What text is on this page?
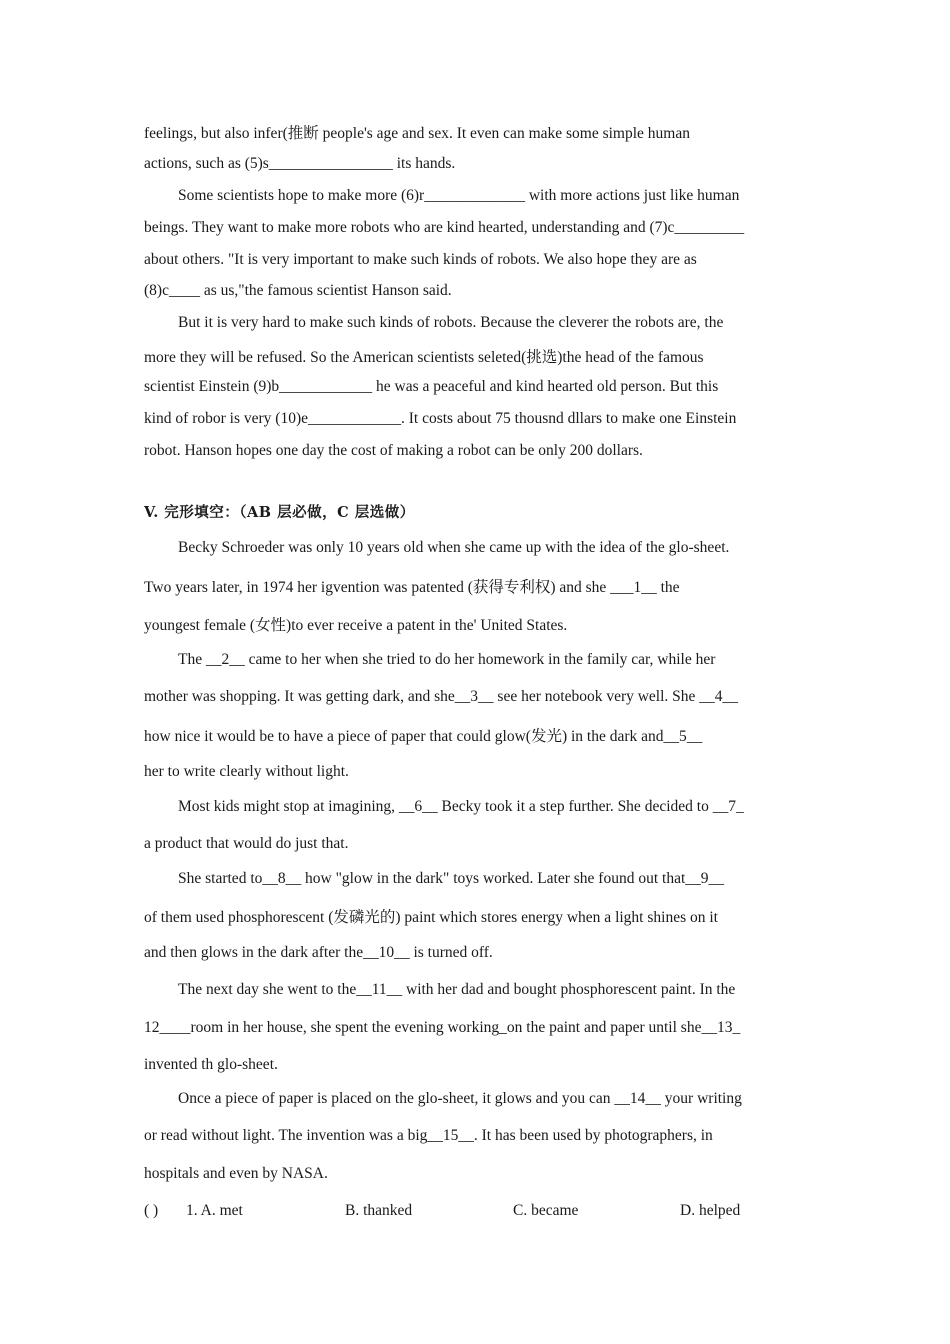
feelings, but also infer(推断 people's age and sex. It even can make some simple human
actions, such as (5)s________________ its hands.
Some scientists hope to make more (6)r_____________ with more actions just like human
beings. They want to make more robots who are kind hearted, understanding and (7)c_________
about others. "It is very important to make such kinds of robots. We also hope they are as
(8)c____ as us,"the famous scientist Hanson said.
But it is very hard to make such kinds of robots. Because the cleverer the robots are, the
more they will be refused. So the American scientists seleted(挑选)the head of the famous
scientist Einstein (9)b____________ he was a peaceful and kind hearted old person. But this
kind of robor is very (10)e____________. It costs about 75 thousnd dllars to make one Einstein
robot. Hanson hopes one day the cost of making a robot can be only 200 dollars.
V. 完形填空：（AB 层必做，C 层选做）
Becky Schroeder was only 10 years old when she came up with the idea of the glo-sheet.
Two years later, in 1974 her igvention was patented (获得专利权) and she ___1__ the
youngest female (女性)to ever receive a patent in the' United States.
The __2__ came to her when she tried to do her homework in the family car, while her
mother was shopping. It was getting dark, and she__3__ see her notebook very well. She __4__
how nice it would be to have a piece of paper that could glow(发光) in the dark and__5__
her to write clearly without light.
Most kids might stop at imagining, __6__ Becky took it a step further. She decided to __7_
a product that would do just that.
She started to__8__ how "glow in the dark" toys worked. Later she found out that__9__
of them used phosphorescent (发磷光的) paint which stores energy when a light shines on it
and then glows in the dark after the__10__ is turned off.
The next day she went to the__11__ with her dad and bought phosphorescent paint. In the
12____room in her house, she spent the evening working_on the paint and paper until she__13_
invented th glo-sheet.
Once a piece of paper is placed on the glo-sheet, it glows and you can __14__ your writing
or read without light. The invention was a big__15__. It has been used by photographers, in
hospitals and even by NASA.
( ) 1. A. met	B. thanked	C. became	D. helped
